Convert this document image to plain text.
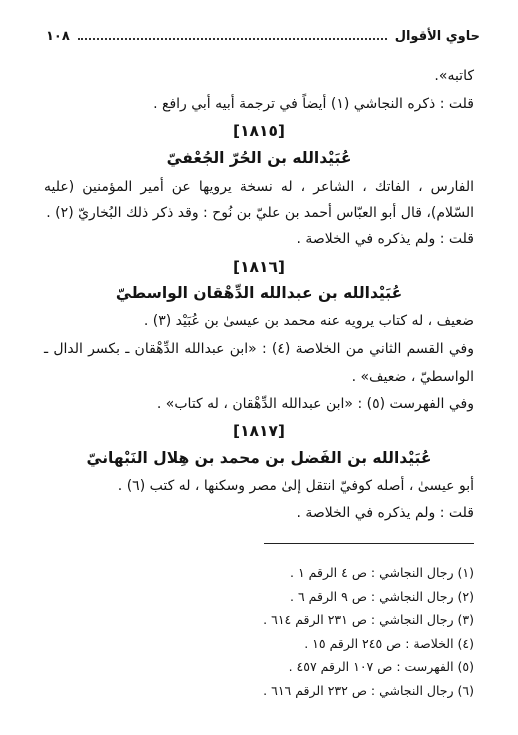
حاوي الأقوال
١٠٨
كاتبه».
قلت : ذكره النجاشي (١) أيضاً في ترجمة أبيه أبي رافع .
[١٨١٥]
عُبَيْدالله بن الحُرّ الجُعْفيّ
الفارس ، الفاتك ، الشاعر ، له نسخة يرويها عن أمير المؤمنين (عليه
السّلام)، قال أبو العبّاس أحمد بن عليّ بن نُوح : وقد ذكر ذلك البُخاريّ (٢) .
قلت : ولم يذكره في الخلاصة .
[١٨١٦]
عُبَيْدالله بن عبدالله الدِّهْقان الواسطيّ
ضعيف ، له كتاب يرويه عنه محمد بن عيسىٰ بن عُبَيْد (٣) .
وفي القسم الثاني من الخلاصة (٤) : «ابن عبدالله الدِّهْقان ـ بكسر الدال ـ
الواسطيّ ، ضعيف» .
وفي الفهرست (٥) : «ابن عبدالله الدِّهْقان ، له كتاب» .
[١٨١٧]
عُبَيْدالله بن الفَضل بن محمد بن هِلال النَبْهانيّ
أبو عيسىٰ ، أصله كوفيّ انتقل إلىٰ مصر وسكنها ، له كتب (٦) .
قلت : ولم يذكره في الخلاصة .
(١) رجال النجاشي : ص ٤ الرقم ١ .
(٢) رجال النجاشي : ص ٩ الرقم ٦ .
(٣) رجال النجاشي : ص ٢٣١ الرقم ٦١٤ .
(٤) الخلاصة : ص ٢٤٥ الرقم ١٥ .
(٥) الفهرست : ص ١٠٧ الرقم ٤٥٧ .
(٦) رجال النجاشي : ص ٢٣٢ الرقم ٦١٦ .
